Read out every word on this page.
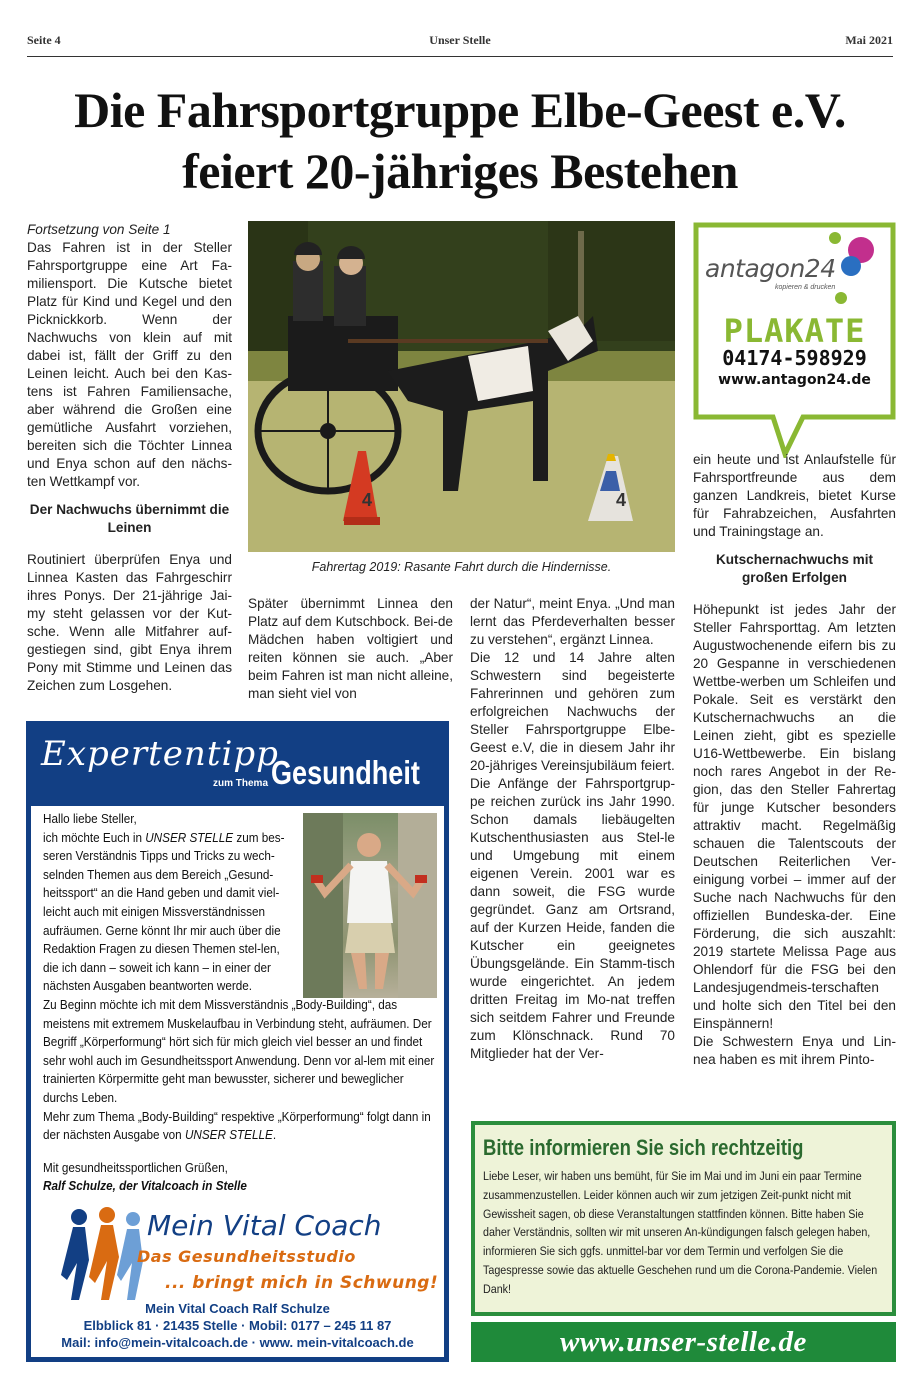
Seite 4	Unser Stelle	Mai 2021
Die Fahrsportgruppe Elbe-Geest e.V.
feiert 20-jähriges Bestehen

Fortsetzung von Seite 1

Das Fahren ist in der Steller Fahrsportgruppe eine Art Fa-miliensport. Die Kutsche bietet Platz für Kind und Kegel und den Picknickkorb. Wenn der Nachwuchs von klein auf mit dabei ist, fällt der Griff zu den Leinen leicht. Auch bei den Kas-tens ist Fahren Familiensache, aber während die Großen eine gemütliche Ausfahrt vorziehen, bereiten sich die Töchter Linnea und Enya schon auf den nächs-ten Wettkampf vor.

Der Nachwuchs übernimmt die Leinen

Routiniert überprüfen Enya und Linnea Kasten das Fahrgeschirr ihres Ponys. Der 21-jährige Jai-my steht gelassen vor der Kut-sche. Wenn alle Mitfahrer auf-gestiegen sind, gibt Enya ihrem Pony mit Stimme und Leinen das Zeichen zum Losgehen.

4	4
Fahrertag 2019: Rasante Fahrt durch die Hindernisse.

Später übernimmt Linnea den Platz auf dem Kutschbock. Bei-de Mädchen haben voltigiert und reiten können sie auch. „Aber beim Fahren ist man nicht alleine, man sieht viel von

der Natur“, meint Enya. „Und man lernt das Pferdeverhalten besser zu verstehen“, ergänzt Linnea.

Die 12 und 14 Jahre alten Schwestern sind begeisterte Fahrerinnen und gehören zum erfolgreichen Nachwuchs der Steller Fahrsportgruppe Elbe-Geest e.V, die in diesem Jahr ihr 20-jähriges Vereinsjubiläum feiert.

Die Anfänge der Fahrsportgrup-pe reichen zurück ins Jahr 1990. Schon damals liebäugelten Kutschenthusiasten aus Stel-le und Umgebung mit einem eigenen Verein. 2001 war es dann soweit, die FSG wurde gegründet. Ganz am Ortsrand, auf der Kurzen Heide, fanden die Kutscher ein geeignetes Übungsgelände. Ein Stamm-tisch wurde eingerichtet. An jedem dritten Freitag im Mo-nat treffen sich seitdem Fahrer und Freunde zum Klönschnack. Rund 70 Mitglieder hat der Ver-

antagon24
kopieren & drucken
PLAKATE
04174-598929
www.antagon24.de

ein heute und ist Anlaufstelle für Fahrsportfreunde aus dem ganzen Landkreis, bietet Kurse für Fahrabzeichen, Ausfahrten und Trainingstage an.

Kutschernachwuchs mit großen Erfolgen

Höhepunkt ist jedes Jahr der Steller Fahrsporttag. Am letzten Augustwochenende eifern bis zu 20 Gespanne in verschiedenen Wettbe-werben um Schleifen und Pokale. Seit es verstärkt den Kutschernachwuchs an die Leinen zieht, gibt es spezielle U16-Wettbewerbe. Ein bislang noch rares Angebot in der Re-gion, das den Steller Fahrertag für junge Kutscher besonders attraktiv macht. Regelmäßig schauen die Talentscouts der Deutschen Reiterlichen Ver-einigung vorbei – immer auf der Suche nach Nachwuchs für den offiziellen Bundeska-der. Eine Förderung, die sich auszahlt: 2019 startete Melissa Page aus Ohlendorf für die FSG bei den Landesjugendmeis-terschaften und holte sich den Titel bei den Einspännern!

Die Schwestern Enya und Lin-nea haben es mit ihrem Pinto-

Expertentipp
zum Thema Gesundheit

Hallo liebe Steller,

ich möchte Euch in UNSER STELLE zum bes-seren Verständnis Tipps und Tricks zu wech-selnden Themen aus dem Bereich „Gesund-heitssport“ an die Hand geben und damit viel-leicht auch mit einigen Missverständnissen aufräumen. Gerne könnt Ihr mir auch über die Redaktion Fragen zu diesen Themen stel-len, die ich dann – soweit ich kann – in einer der nächsten Ausgaben beantworten werde.

Zu Beginn möchte ich mit dem Missverständnis „Body-Building“, das meistens mit extremem Muskelaufbau in Verbindung steht, aufräumen. Der Begriff „Körperformung“ hört sich für mich gleich viel besser an und findet sehr wohl auch im Gesundheitssport Anwendung. Denn vor al-lem mit einer trainierten Körpermitte geht man bewusster, sicherer und beweglicher durchs Leben.

Mehr zum Thema „Body-Building“ respektive „Körperformung“ folgt dann in der nächsten Ausgabe von UNSER STELLE.

Mit gesundheitssportlichen Grüßen,

Ralf Schulze, der Vitalcoach in Stelle

Mein Vital Coach
Das Gesundheitsstudio
... bringt mich in Schwung!
Mein Vital Coach Ralf Schulze
Elbblick 81 · 21435 Stelle · Mobil: 0177 – 245 11 87
Mail: info@mein-vitalcoach.de · www. mein-vitalcoach.de
Bitte informieren Sie sich rechtzeitig
Liebe Leser, wir haben uns bemüht, für Sie im Mai und im Juni ein paar Termine zusammenzustellen. Leider können auch wir zum jetzigen Zeit-punkt nicht mit Gewissheit sagen, ob diese Veranstaltungen stattfinden können. Bitte haben Sie daher Verständnis, sollten wir mit unseren An-kündigungen falsch gelegen haben, informieren Sie sich ggfs. unmittel-bar vor dem Termin und verfolgen Sie die Tagespresse sowie das aktuelle Geschehen rund um die Corona-Pandemie. Vielen Dank!
www.unser-stelle.de
